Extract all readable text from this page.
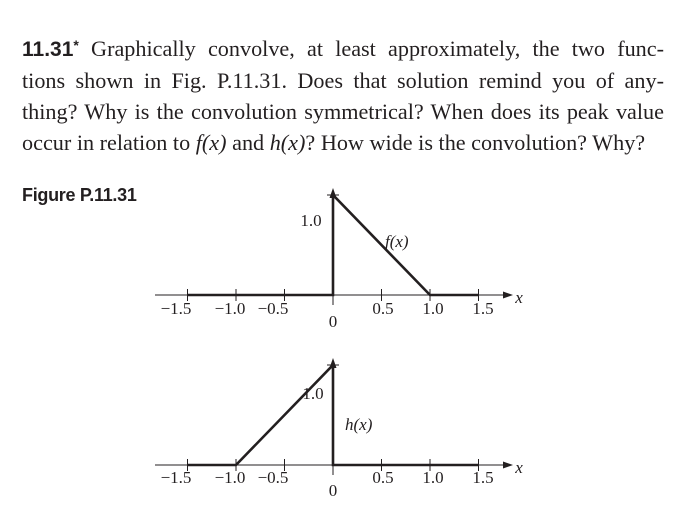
11.31* Graphically convolve, at least approximately, the two func-
tions shown in Fig. P.11.31. Does that solution remind you of any-
thing? Why is the convolution symmetrical? When does its peak value
occur in relation to f(x) and h(x)? How wide is the convolution? Why?

Figure P.11.31
−1.5 −1.0 −0.5
0
0.5 1.0 1.5
1.0
x
f(x)
−1.5 −1.0 −0.5
0
0.5 1.0 1.5
1.0
x
h(x)
